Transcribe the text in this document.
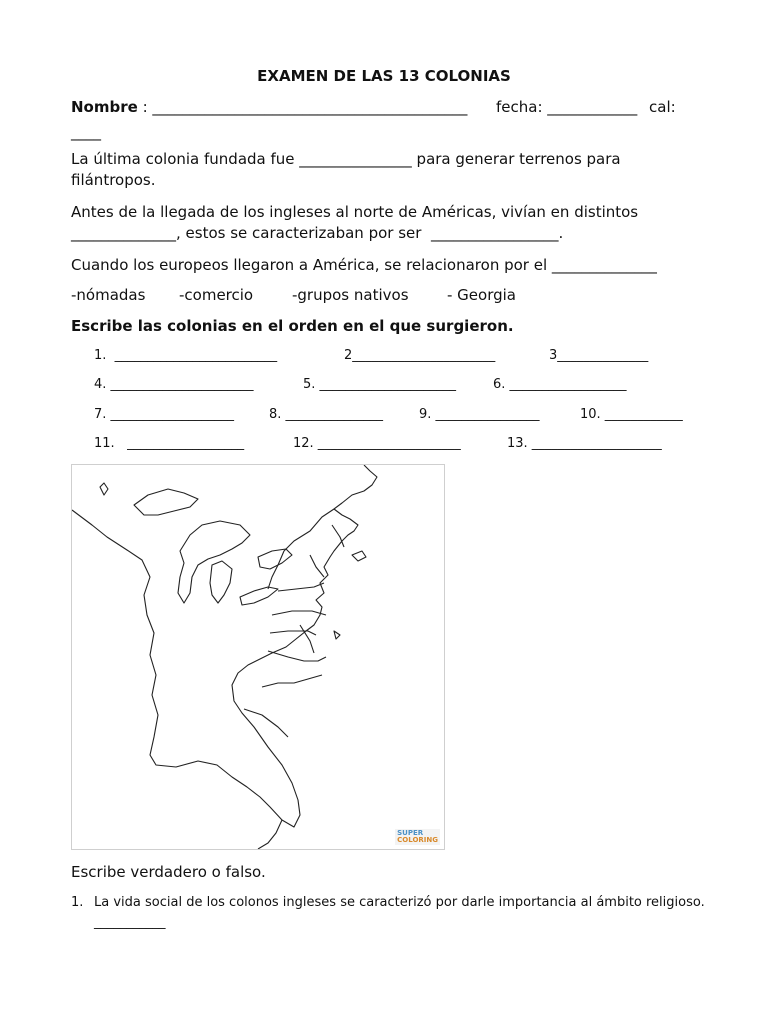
EXAMEN DE LAS 13 COLONIAS
Nombre : __________________________________________ fecha: ____________ cal:
____
La última colonia fundada fue _______________ para generar terrenos para
filántropos.
Antes de la llegada de los ingleses al norte de Américas, vivían en distintos
______________, estos se caracterizaban por ser  _________________.
Cuando los europeos llegaron a América, se relacionaron por el ______________
-nómadas -comercio	-grupos nativos	- Georgia
Escribe las colonias en el orden en el que surgieron.
1.  _________________________	2______________________	3______________
4. ______________________	5. _____________________	6. __________________
7. ___________________	8. _______________	9. ________________	10. ____________
11.   __________________	12. ______________________	13. ____________________
SUPER
COLORING
Escribe verdadero o falso.
1. La vida social de los colonos ingleses se caracterizó por darle importancia al ámbito religioso.
___________
